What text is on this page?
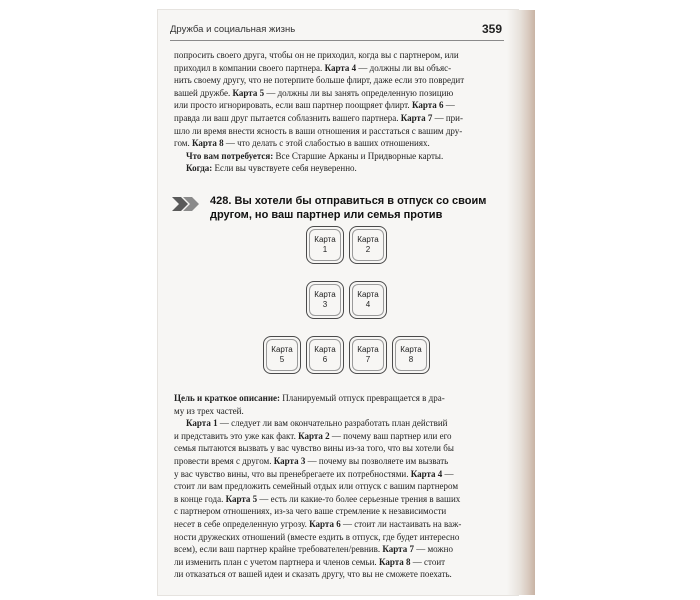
Дружба и социальная жизнь	359
попросить своего друга, чтобы он не приходил, когда вы с партнером, или
приходил в компании своего партнера. Карта 4 — должны ли вы объяс-
нить своему другу, что не потерпите больше флирт, даже если это повредит
вашей дружбе. Карта 5 — должны ли вы занять определенную позицию
или просто игнорировать, если ваш партнер поощряет флирт. Карта 6 —
правда ли ваш друг пытается соблазнить вашего партнера. Карта 7 — при-
шло ли время внести ясность в ваши отношения и расстаться с вашим дру-
гом. Карта 8 — что делать с этой слабостью в ваших отношениях.
Что вам потребуется: Все Старшие Арканы и Придворные карты.
Когда: Если вы чувствуете себя неуверенно.
428. Вы хотели бы отправиться в отпуск со своим
другом, но ваш партнер или семья против
Карта
1
Карта
2
Карта
3
Карта
4
Карта
5
Карта
6
Карта
7
Карта
8
Цель и краткое описание: Планируемый отпуск превращается в дра-
му из трех частей.
Карта 1 — следует ли вам окончательно разработать план действий
и представить это уже как факт. Карта 2 — почему ваш партнер или его
семья пытаются вызвать у вас чувство вины из-за того, что вы хотели бы
провести время с другом. Карта 3 — почему вы позволяете им вызвать
у вас чувство вины, что вы пренебрегаете их потребностями. Карта 4 —
стоит ли вам предложить семейный отдых или отпуск с вашим партнером
в конце года. Карта 5 — есть ли какие-то более серьезные трения в ваших
с партнером отношениях, из-за чего ваше стремление к независимости
несет в себе определенную угрозу. Карта 6 — стоит ли настаивать на важ-
ности дружеских отношений (вместе ездить в отпуск, где будет интересно
всем), если ваш партнер крайне требователен/ревнив. Карта 7 — можно
ли изменить план с учетом партнера и членов семьи. Карта 8 — стоит
ли отказаться от вашей идеи и сказать другу, что вы не сможете поехать.
